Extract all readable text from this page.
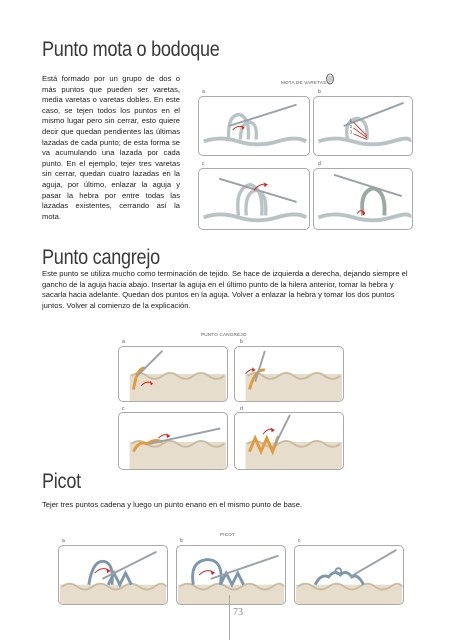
Punto mota o bodoque

Está formado por un grupo de dos o más puntos que pueden ser varetas, media varetas o varetas dobles. En este caso, se tejen todos los puntos en el mismo lugar pero sin cerrar, esto quiere decir que quedan pendientes las últimas lazadas de cada punto; de esta forma se va acumulando una lazada por cada punto. En el ejemplo, tejer tres varetas sin cerrar, quedan cuatro lazadas en la aguja, por último, enlazar la aguja y pasar la hebra por entre todas las lazadas existentes, cerrando así la mota.

MOTA DE VARETAS =
a	b
c	d
1
2
3
Punto cangrejo

Este punto se utiliza mucho como terminación de tejido. Se hace de izquierda a derecha, dejando siempre el gancho de la aguja hacia abajo. Insertar la aguja en el último punto de la hilera anterior, tomar la hebra y sacarla hacia adelante. Quedan dos puntos en la aguja. Volver a enlazar la hebra y tomar los dos puntos juntos. Volver al comienzo de la explicación.

PUNTO CANGREJO
a	b
c	d
Picot

Tejer tres puntos cadena y luego un punto enano en el mismo punto de base.

PICOT
a	b	c
73
